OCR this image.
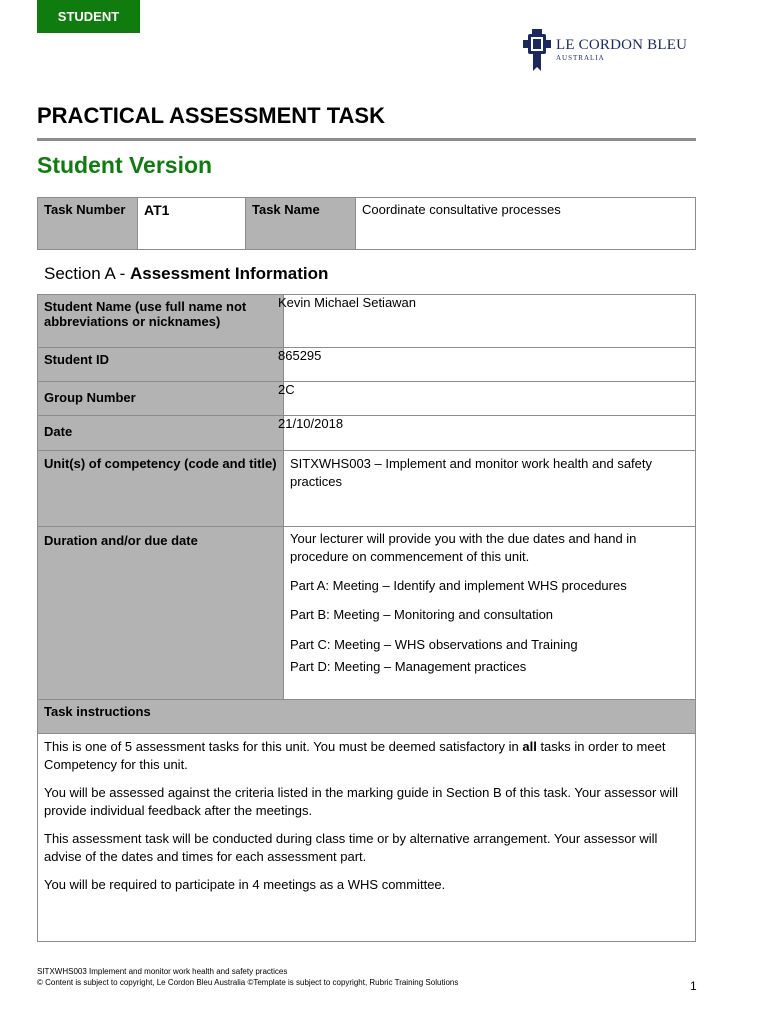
STUDENT
LE CORDON BLEU
AUSTRALIA
PRACTICAL ASSESSMENT TASK
Student Version
Task Number	AT1	Task Name	Coordinate consultative processes
Section A - Assessment Information
Student Name (use full name not abbreviations or nicknames)	Kevin Michael Setiawan

Student ID	865295

Group Number	2C

Date	21/10/2018

Unit(s) of competency (code and title)	SITXWHS003 – Implement and monitor work health and safety practices
Duration and/or due date	Your lecturer will provide you with the due dates and hand in procedure on commencement of this unit.

Part A: Meeting – Identify and implement WHS procedures

Part B: Meeting – Monitoring and consultation

Part C: Meeting – WHS observations and Training

Part D: Meeting – Management practices

Task instructions	

This is one of 5 assessment tasks for this unit. You must be deemed satisfactory in all tasks in order to meet Competency for this unit.

You will be assessed against the criteria listed in the marking guide in Section B of this task. Your assessor will provide individual feedback after the meetings.

This assessment task will be conducted during class time or by alternative arrangement. Your assessor will advise of the dates and times for each assessment part.

You will be required to participate in 4 meetings as a WHS committee.	

SITXWHS003 Implement and monitor work health and safety practices
© Content is subject to copyright, Le Cordon Bleu Australia ©Template is subject to copyright, Rubric Training Solutions	1
